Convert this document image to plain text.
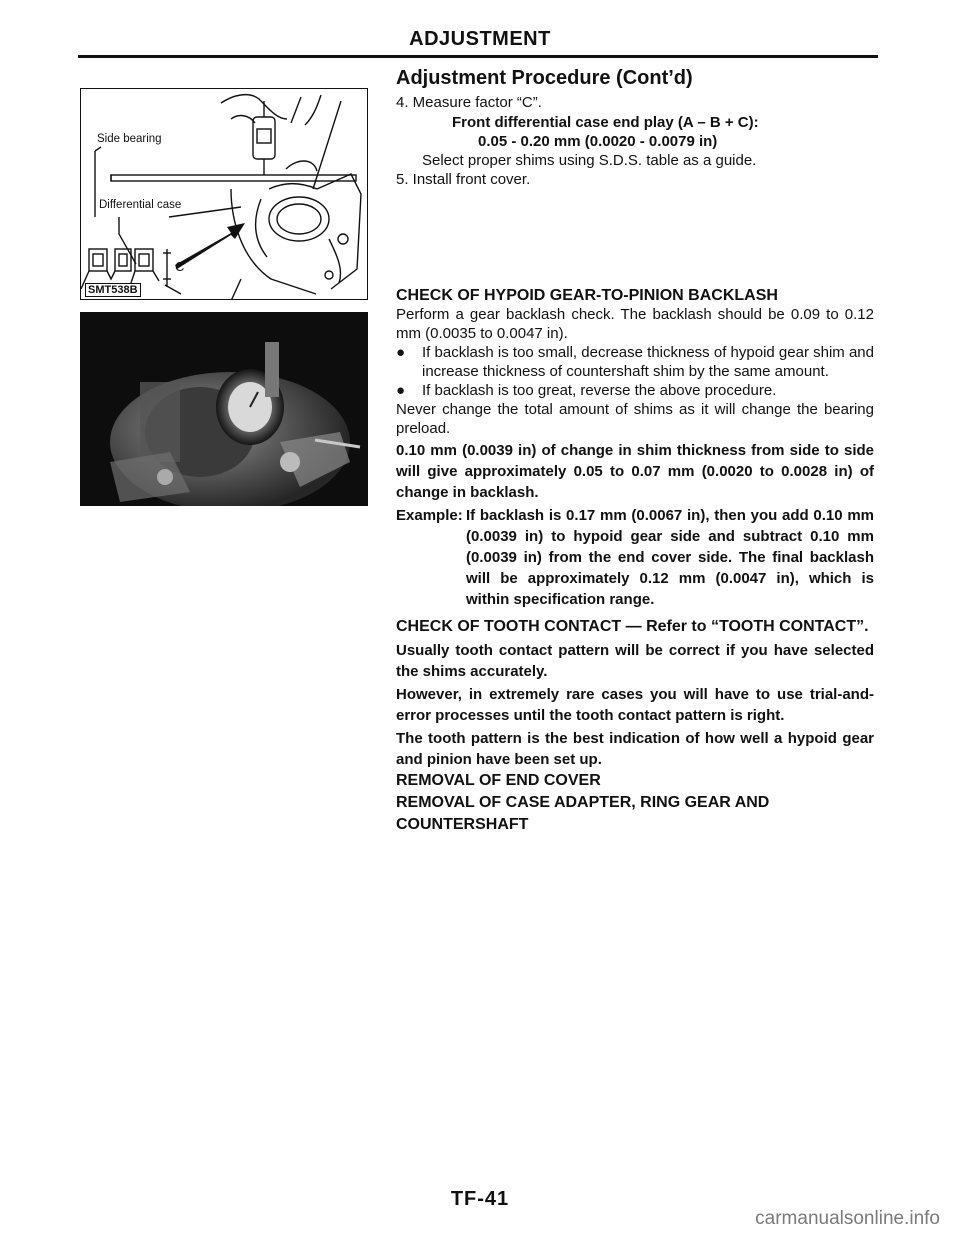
ADJUSTMENT
Side bearing
Differential case
C
SMT538B
Adjustment Procedure (Cont’d)
4. Measure factor “C”.
Front differential case end play (A – B + C):
0.05 - 0.20 mm (0.0020 - 0.0079 in)
Select proper shims using S.D.S. table as a guide.
5. Install front cover.
CHECK OF HYPOID GEAR-TO-PINION BACKLASH
Perform a gear backlash check. The backlash should be 0.09 to 0.12 mm (0.0035 to 0.0047 in).
● If backlash is too small, decrease thickness of hypoid gear shim and increase thickness of countershaft shim by the same amount.
● If backlash is too great, reverse the above procedure.
Never change the total amount of shims as it will change the bearing preload.
0.10 mm (0.0039 in) of change in shim thickness from side to side will give approximately 0.05 to 0.07 mm (0.0020 to 0.0028 in) of change in backlash.
Example: If backlash is 0.17 mm (0.0067 in), then you add 0.10 mm (0.0039 in) to hypoid gear side and subtract 0.10 mm (0.0039 in) from the end cover side. The final backlash will be approximately 0.12 mm (0.0047 in), which is within specification range.
CHECK OF TOOTH CONTACT — Refer to “TOOTH CONTACT”.
Usually tooth contact pattern will be correct if you have selected the shims accurately.
However, in extremely rare cases you will have to use trial-and-error processes until the tooth contact pattern is right.
The tooth pattern is the best indication of how well a hypoid gear and pinion have been set up.
REMOVAL OF END COVER
REMOVAL OF CASE ADAPTER, RING GEAR AND COUNTERSHAFT
TF-41
carmanualsonline.info
